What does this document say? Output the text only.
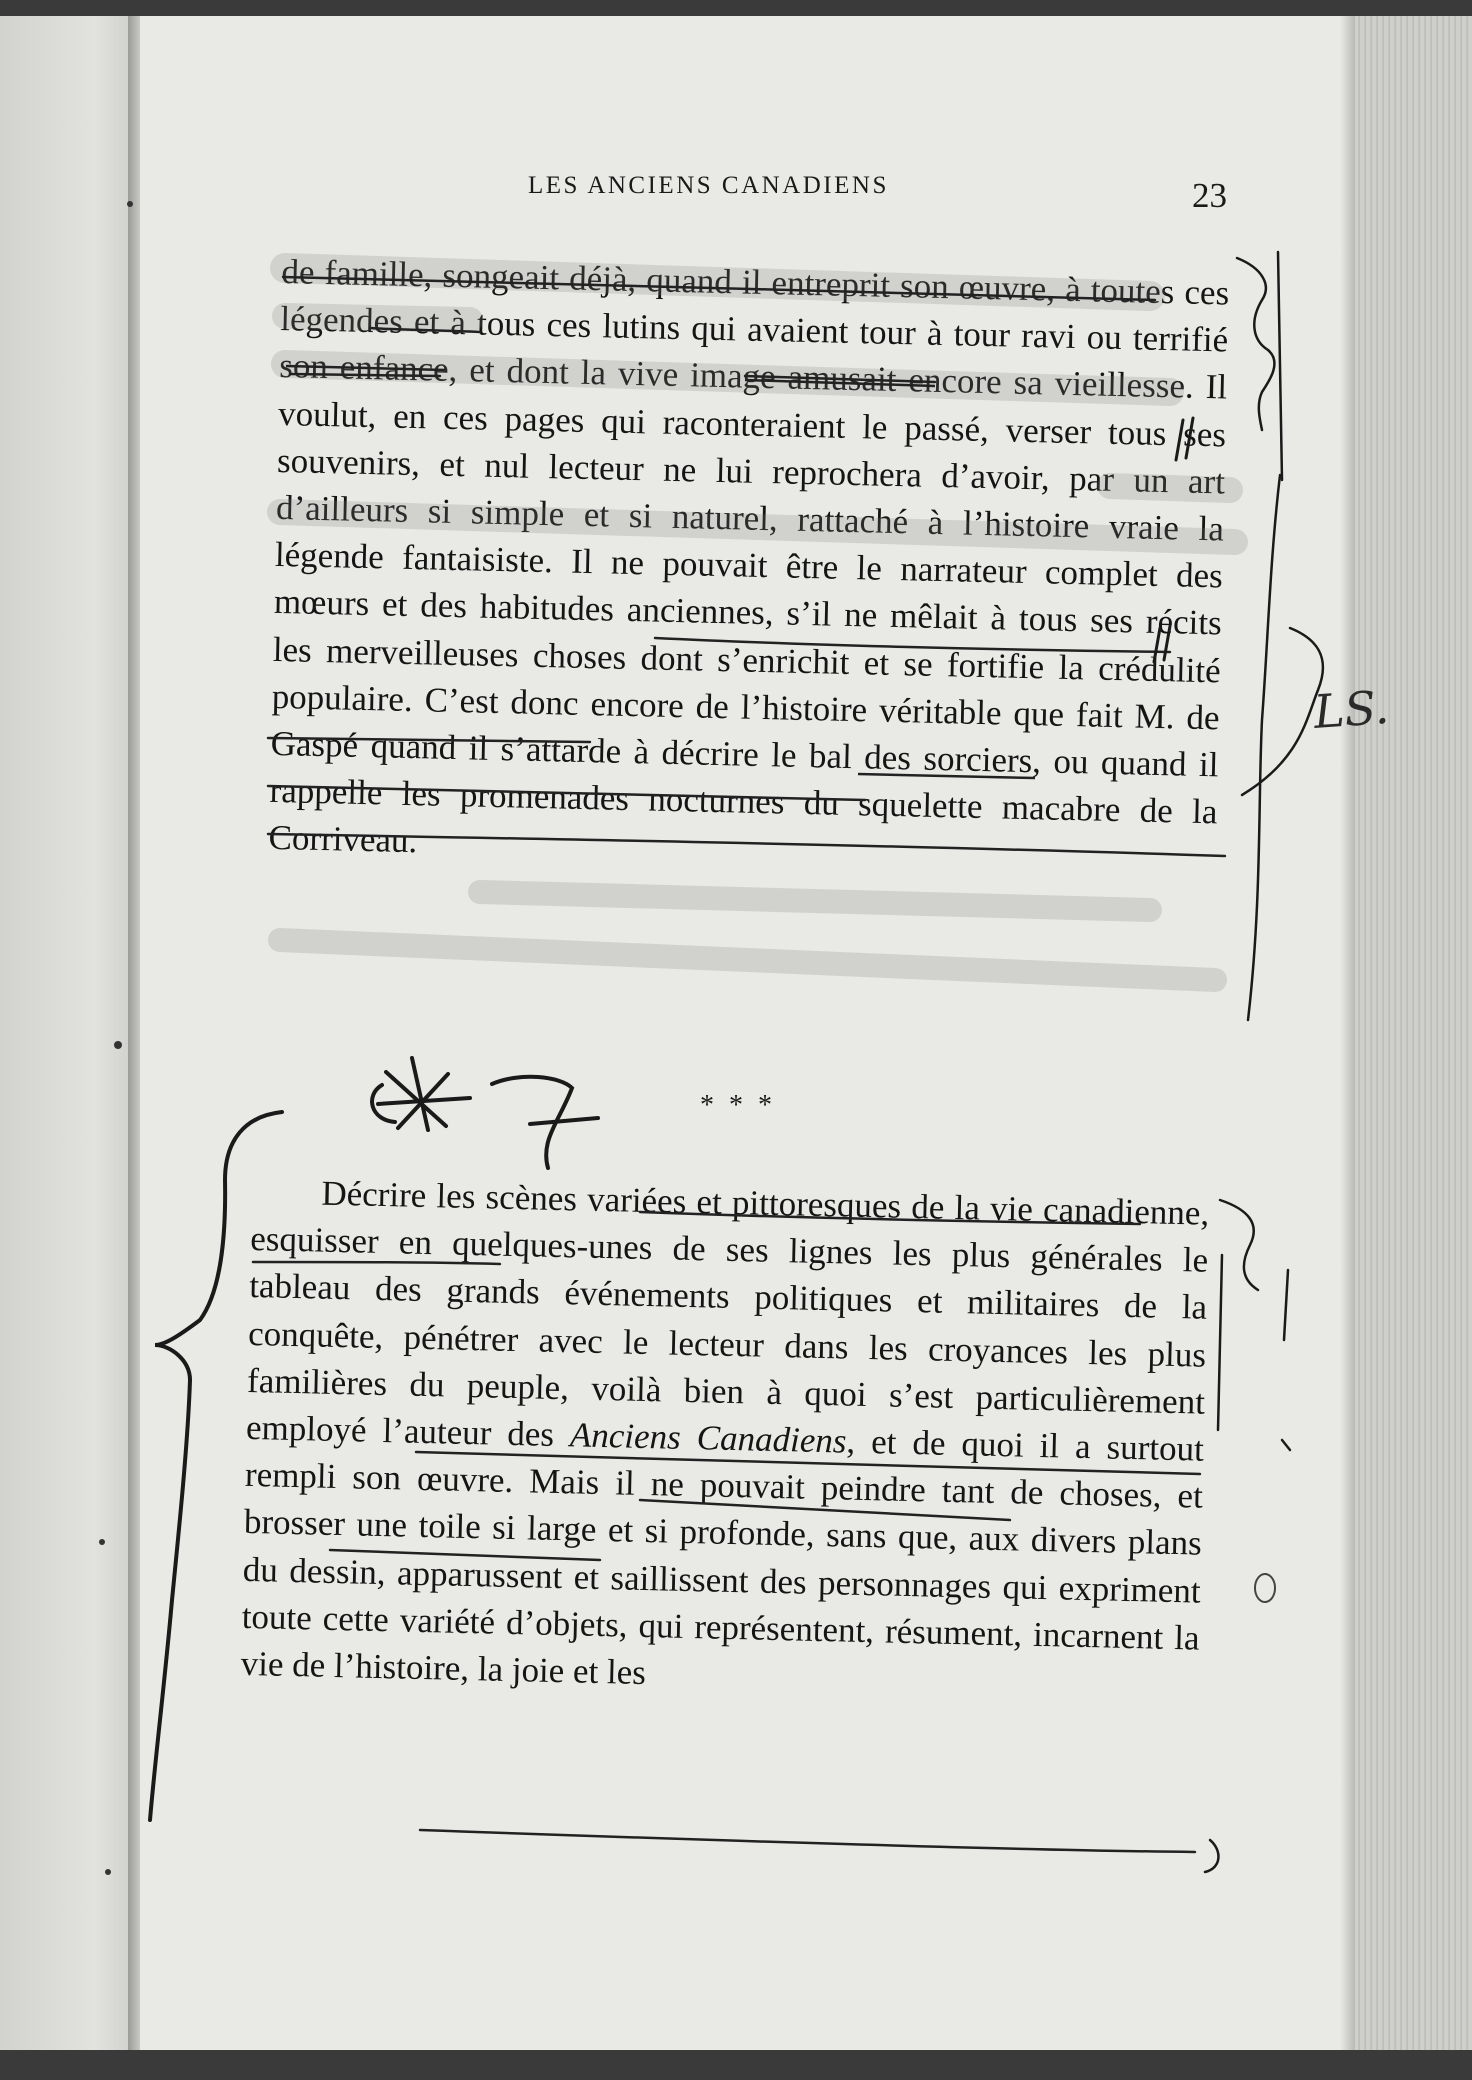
LES ANCIENS CANADIENS	23

de famille, songeait déjà, quand il entreprit son œuvre, à toutes ces légendes et à tous ces lutins qui avaient tour à tour ravi ou terrifié son enfance, et dont la vive image amusait encore sa vieillesse. Il voulut, en ces pages qui raconteraient le passé, verser tous ses souvenirs, et nul lecteur ne lui reprochera d’avoir, par un art d’ailleurs si simple et si naturel, rattaché à l’histoire vraie la légende fantaisiste. Il ne pouvait être le narrateur complet des mœurs et des habitudes anciennes, s’il ne mêlait à tous ses récits les merveilleuses choses dont s’enrichit et se fortifie la crédulité populaire. C’est donc encore de l’histoire véritable que fait M. de Gaspé quand il s’attarde à décrire le bal des sorciers, ou quand il rappelle les promenades nocturnes du squelette macabre de la Corriveau.

* * *

Décrire les scènes variées et pittoresques de la vie canadienne, esquisser en quelques-unes de ses lignes les plus générales le tableau des grands événements politiques et militaires de la conquête, pénétrer avec le lecteur dans les croyances les plus familières du peuple, voilà bien à quoi s’est particulièrement employé l’auteur des Anciens Canadiens, et de quoi il a surtout rempli son œuvre. Mais il ne pouvait peindre tant de choses, et brosser une toile si large et si profonde, sans que, aux divers plans du dessin, apparussent et saillissent des personnages qui expriment toute cette variété d’objets, qui représentent, résument, incarnent la vie de l’histoire, la joie et les

LS.
